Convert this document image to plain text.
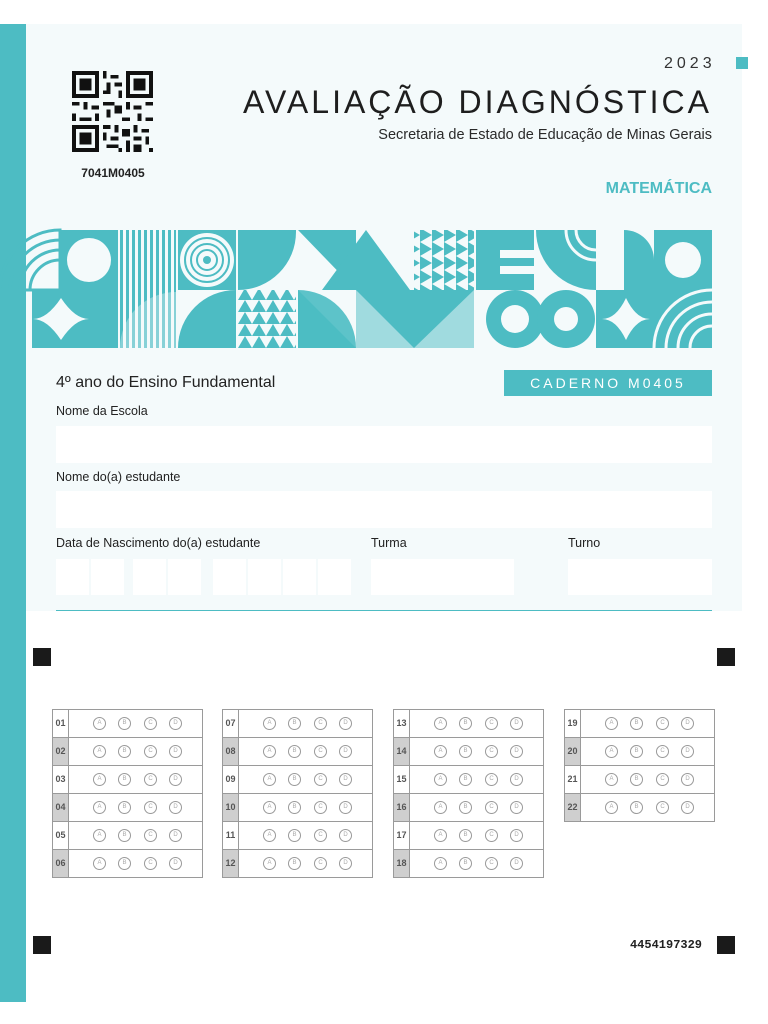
2023
7041M0405
AVALIAÇÃO DIAGNÓSTICA
Secretaria de Estado de Educação de Minas Gerais
MATEMÁTICA
4º ano do Ensino Fundamental	CADERNO M0405
Nome da Escola
Nome do(a) estudante
Data de Nascimento do(a) estudante	Turma	Turno
01	A	B	C	D
02	A	B	C	D
03	A	B	C	D
04	A	B	C	D
05	A	B	C	D
06	A	B	C	D
07	A	B	C	D
08	A	B	C	D
09	A	B	C	D
10	A	B	C	D
11	A	B	C	D
12	A	B	C	D
13	A	B	C	D
14	A	B	C	D
15	A	B	C	D
16	A	B	C	D
17	A	B	C	D
18	A	B	C	D
19	A	B	C	D
20	A	B	C	D
21	A	B	C	D
22	A	B	C	D
4454197329
